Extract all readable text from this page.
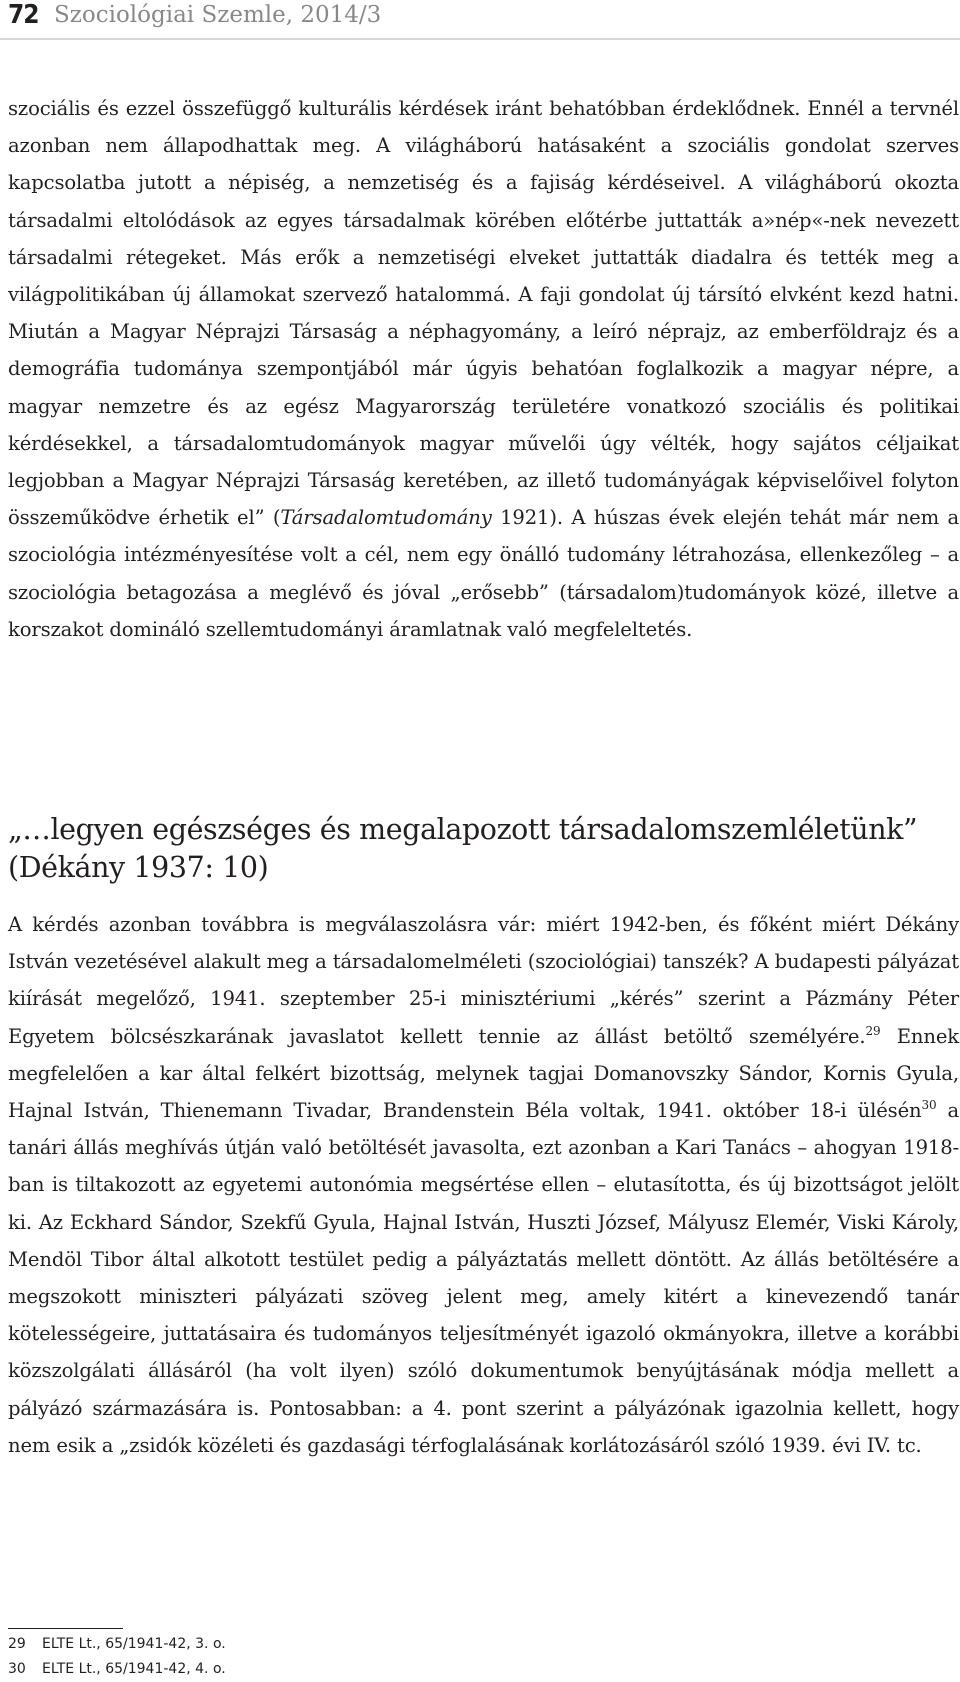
72 Szociológiai Szemle, 2014/3

szociális és ezzel összefüggő kulturális kérdések iránt behatóbban érdeklődnek. Ennél a tervnél azonban nem állapodhattak meg. A világháború hatásaként a szociális gondolat szerves kapcsolatba jutott a népiség, a nemzetiség és a fajiság kérdéseivel. A világháború okozta társadalmi eltolódások az egyes társadalmak körében előtérbe juttatták a»nép«-nek nevezett társadalmi rétegeket. Más erők a nemzetiségi elveket juttatták diadalra és tették meg a világpolitikában új államokat szervező hatalommá. A faji gondolat új társító elvként kezd hatni. Miután a Magyar Néprajzi Társaság a néphagyomány, a leíró néprajz, az emberföldrajz és a demográfia tudománya szempontjából már úgyis behatóan foglalkozik a magyar népre, a magyar nemzetre és az egész Magyarország területére vonatkozó szociális és politikai kérdésekkel, a társadalomtudományok magyar művelői úgy vélték, hogy sajátos céljaikat legjobban a Magyar Néprajzi Társaság keretében, az illető tudományágak képviselőivel folyton összeműködve érhetik el” (Társadalomtudomány 1921). A húszas évek elején tehát már nem a szociológia intézményesítése volt a cél, nem egy önálló tudomány létrahozása, ellenkezőleg – a szociológia betagozása a meglévő és jóval „erősebb” (társadalom)tudományok közé, illetve a korszakot domináló szellemtudományi áramlatnak való megfeleltetés.

„…legyen egészséges és megalapozott társadalomszemléletünk” (Dékány 1937: 10)

A kérdés azonban továbbra is megválaszolásra vár: miért 1942-ben, és főként miért Dékány István vezetésével alakult meg a társadalomelméleti (szociológiai) tanszék? A budapesti pályázat kiírását megelőző, 1941. szeptember 25-i minisztériumi „kérés” szerint a Pázmány Péter Egyetem bölcsészkarának javaslatot kellett tennie az állást betöltő személyére.$^{29}$ Ennek megfelelően a kar által felkért bizottság, melynek tagjai Domanovszky Sándor, Kornis Gyula, Hajnal István, Thienemann Tivadar, Brandenstein Béla voltak, 1941. október 18-i ülésén$^{30}$ a tanári állás meghívás útján való betöltését javasolta, ezt azonban a Kari Tanács – ahogyan 1918-ban is tiltakozott az egyetemi autonómia megsértése ellen – elutasította, és új bizottságot jelölt ki. Az Eckhard Sándor, Szekfű Gyula, Hajnal István, Huszti József, Mályusz Elemér, Viski Károly, Mendöl Tibor által alkotott testület pedig a pályáztatás mellett döntött. Az állás betöltésére a megszokott miniszteri pályázati szöveg jelent meg, amely kitért a kinevezendő tanár kötelességeire, juttatásaira és tudományos teljesítményét igazoló okmányokra, illetve a korábbi közszolgálati állásáról (ha volt ilyen) szóló dokumentumok benyújtásának módja mellett a pályázó származására is. Pontosabban: a 4. pont szerint a pályázónak igazolnia kellett, hogy nem esik a „zsidók közéleti és gazdasági térfoglalásának korlátozásáról szóló 1939. évi IV. tc.

29	ELTE Lt., 65/1941-42, 3. o.
30	ELTE Lt., 65/1941-42, 4. o.
